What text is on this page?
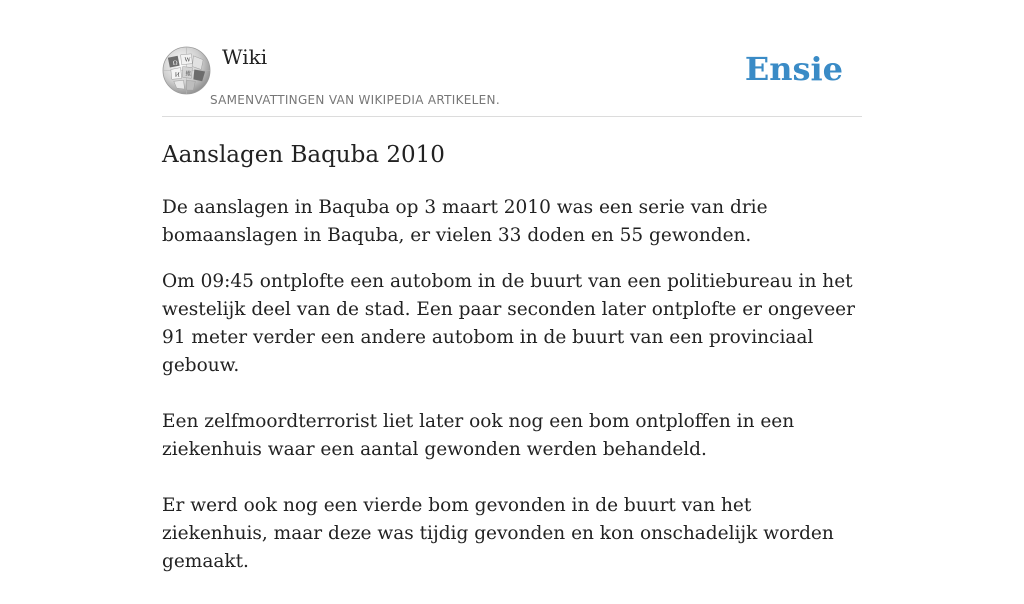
Ω W
И 維
Wiki
SAMENVATTINGEN VAN WIKIPEDIA ARTIKELEN.
Ensie
Aanslagen Baquba 2010

De aanslagen in Baquba op 3 maart 2010 was een serie van drie bomaanslagen in Baquba, er vielen 33 doden en 55 gewonden.

Om 09:45 ontplofte een autobom in de buurt van een politiebureau in het westelijk deel van de stad. Een paar seconden later ontplofte er ongeveer 91 meter verder een andere autobom in de buurt van een provinciaal gebouw.

Een zelfmoordterrorist liet later ook nog een bom ontploffen in een ziekenhuis waar een aantal gewonden werden behandeld.

Er werd ook nog een vierde bom gevonden in de buurt van het ziekenhuis, maar deze was tijdig gevonden en kon onschadelijk worden gemaakt.
